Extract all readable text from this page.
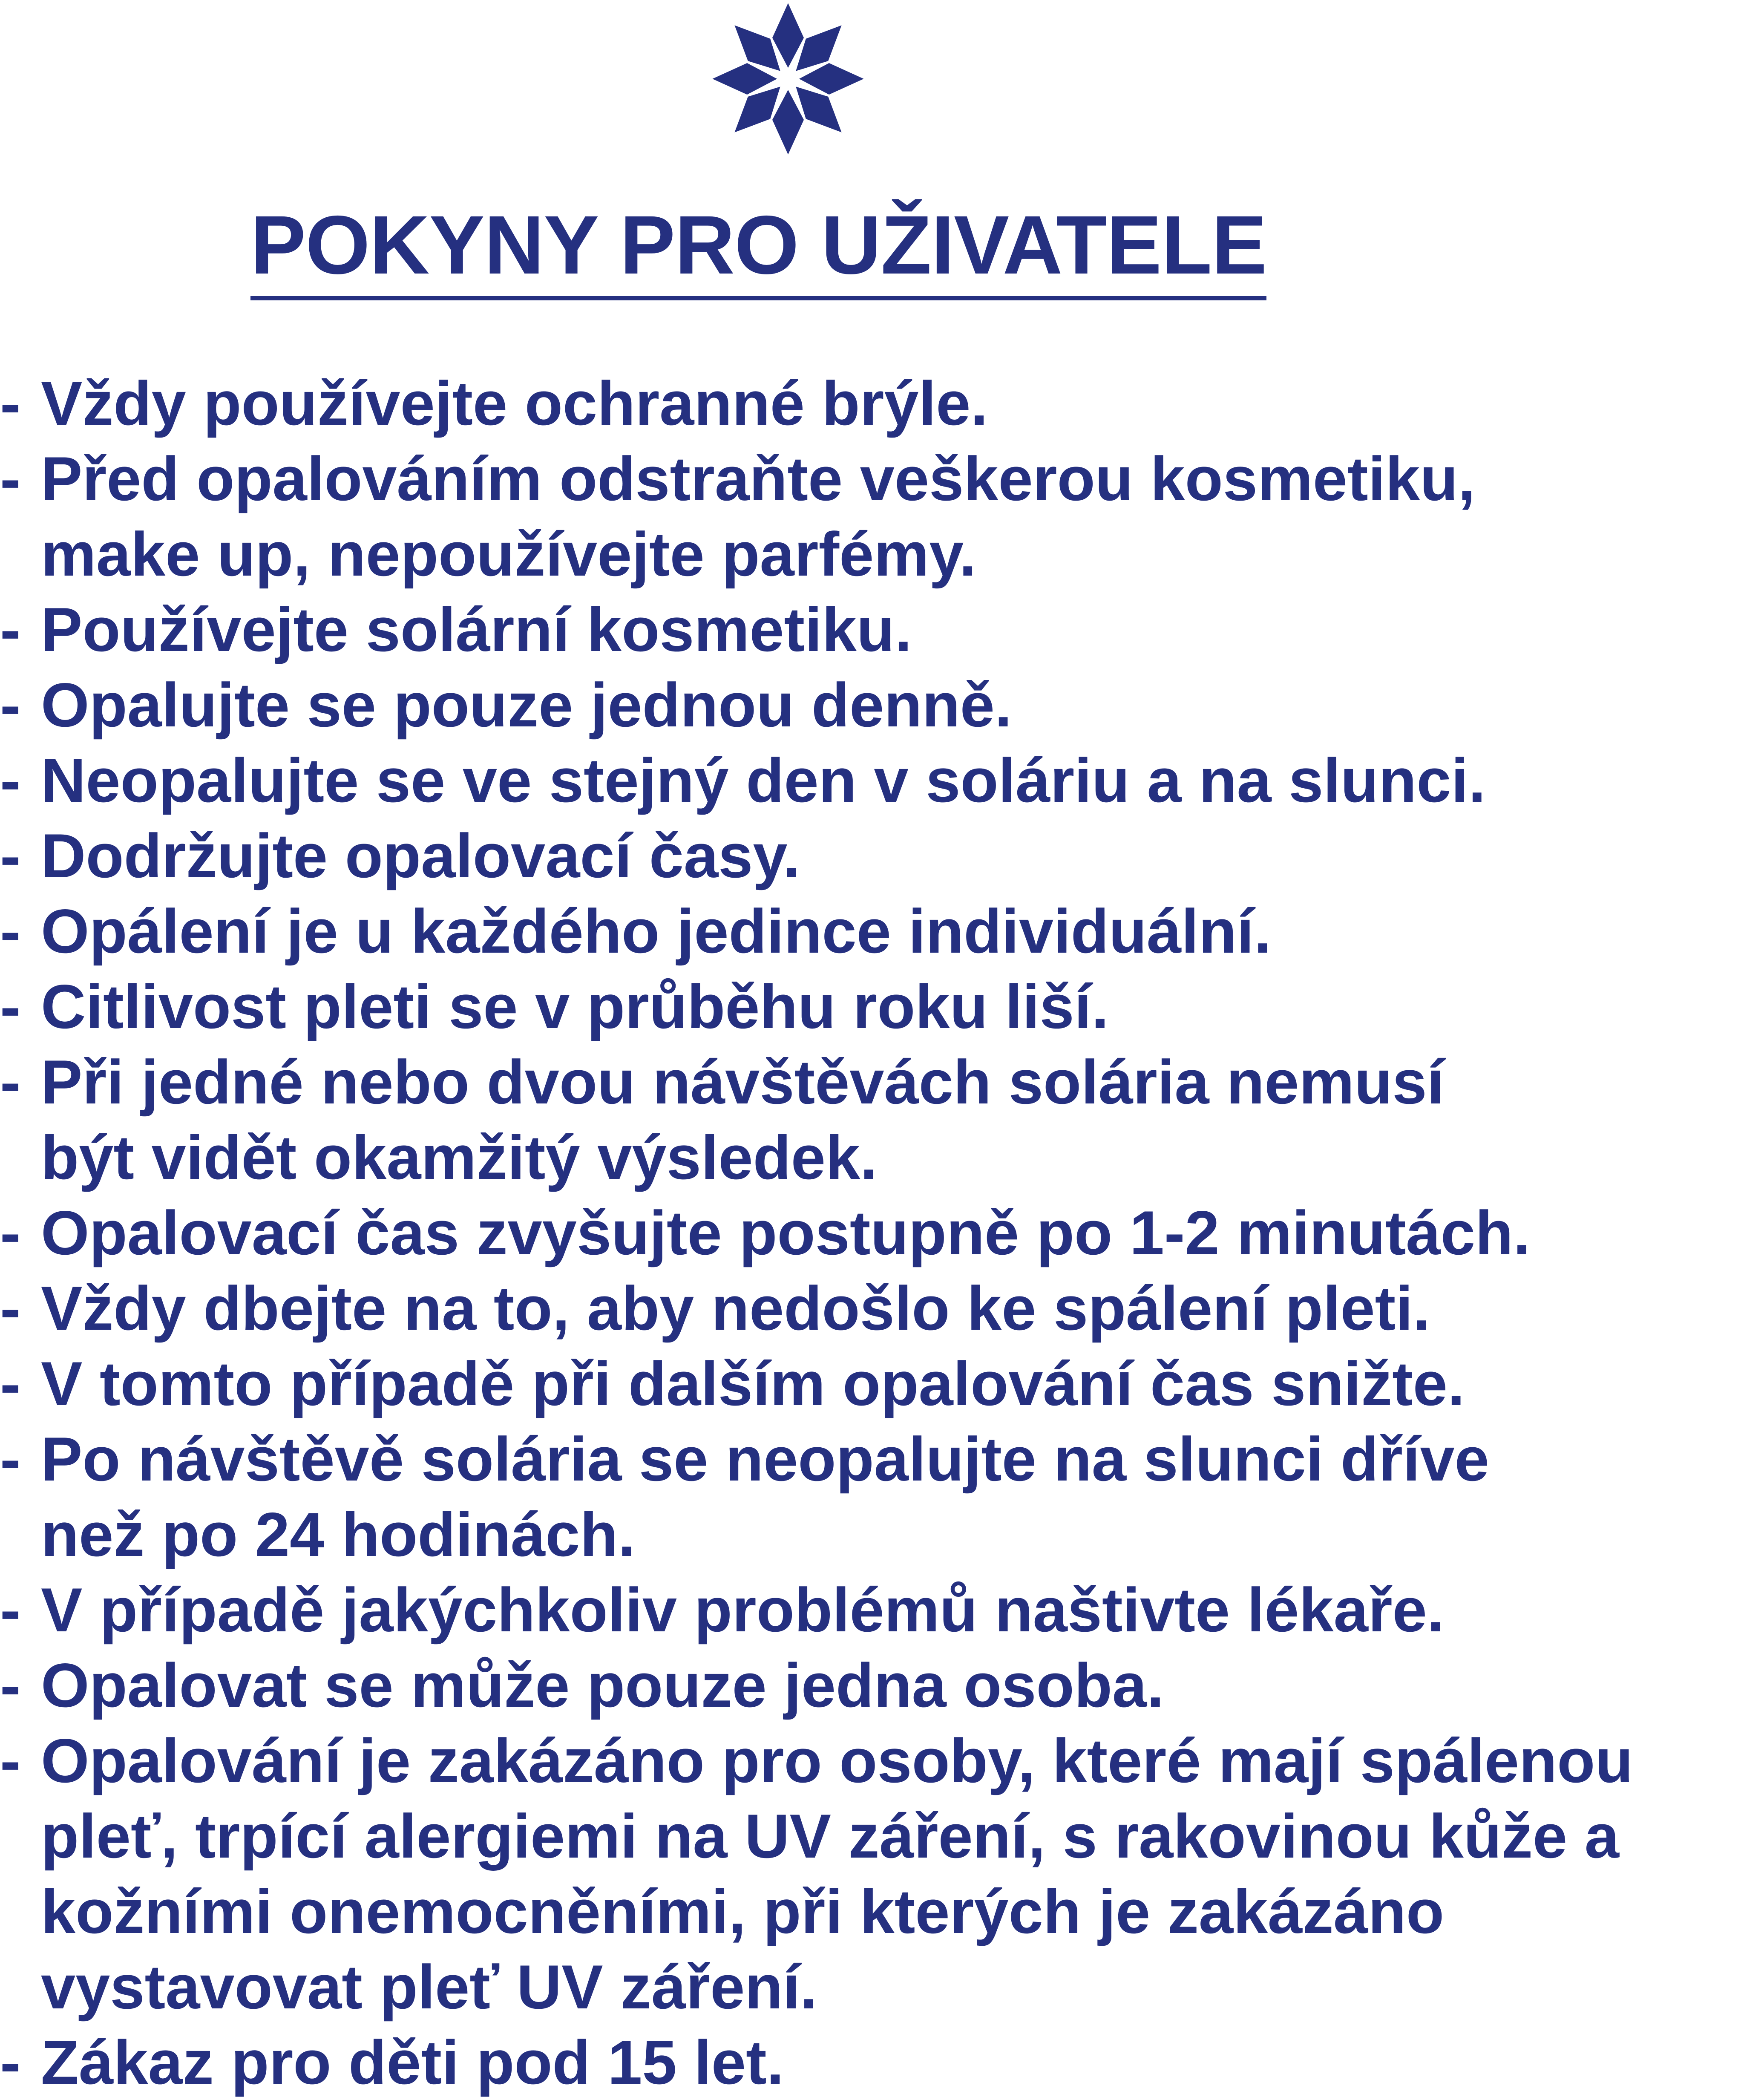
POKYNY PRO UŽIVATELE
- Vždy používejte ochranné brýle.
- Před opalováním odstraňte veškerou kosmetiku,
make up, nepoužívejte parfémy.
- Používejte solární kosmetiku.
- Opalujte se pouze jednou denně.
- Neopalujte se ve stejný den v soláriu a na slunci.
- Dodržujte opalovací časy.
- Opálení je u každého jedince individuální.
- Citlivost pleti se v průběhu roku liší.
- Při jedné nebo dvou návštěvách solária nemusí
být vidět okamžitý výsledek.
- Opalovací čas zvyšujte postupně po 1-2 minutách.
- Vždy dbejte na to, aby nedošlo ke spálení pleti.
- V tomto případě při dalším opalování čas snižte.
- Po návštěvě solária se neopalujte na slunci dříve
než po 24 hodinách.
- V případě jakýchkoliv problémů naštivte lékaře.
- Opalovat se může pouze jedna osoba.
- Opalování je zakázáno pro osoby, které mají spálenou
pleť, trpící alergiemi na UV záření, s rakovinou kůže a
kožními onemocněními, při kterých je zakázáno
vystavovat pleť UV záření.
- Zákaz pro děti pod 15 let.
